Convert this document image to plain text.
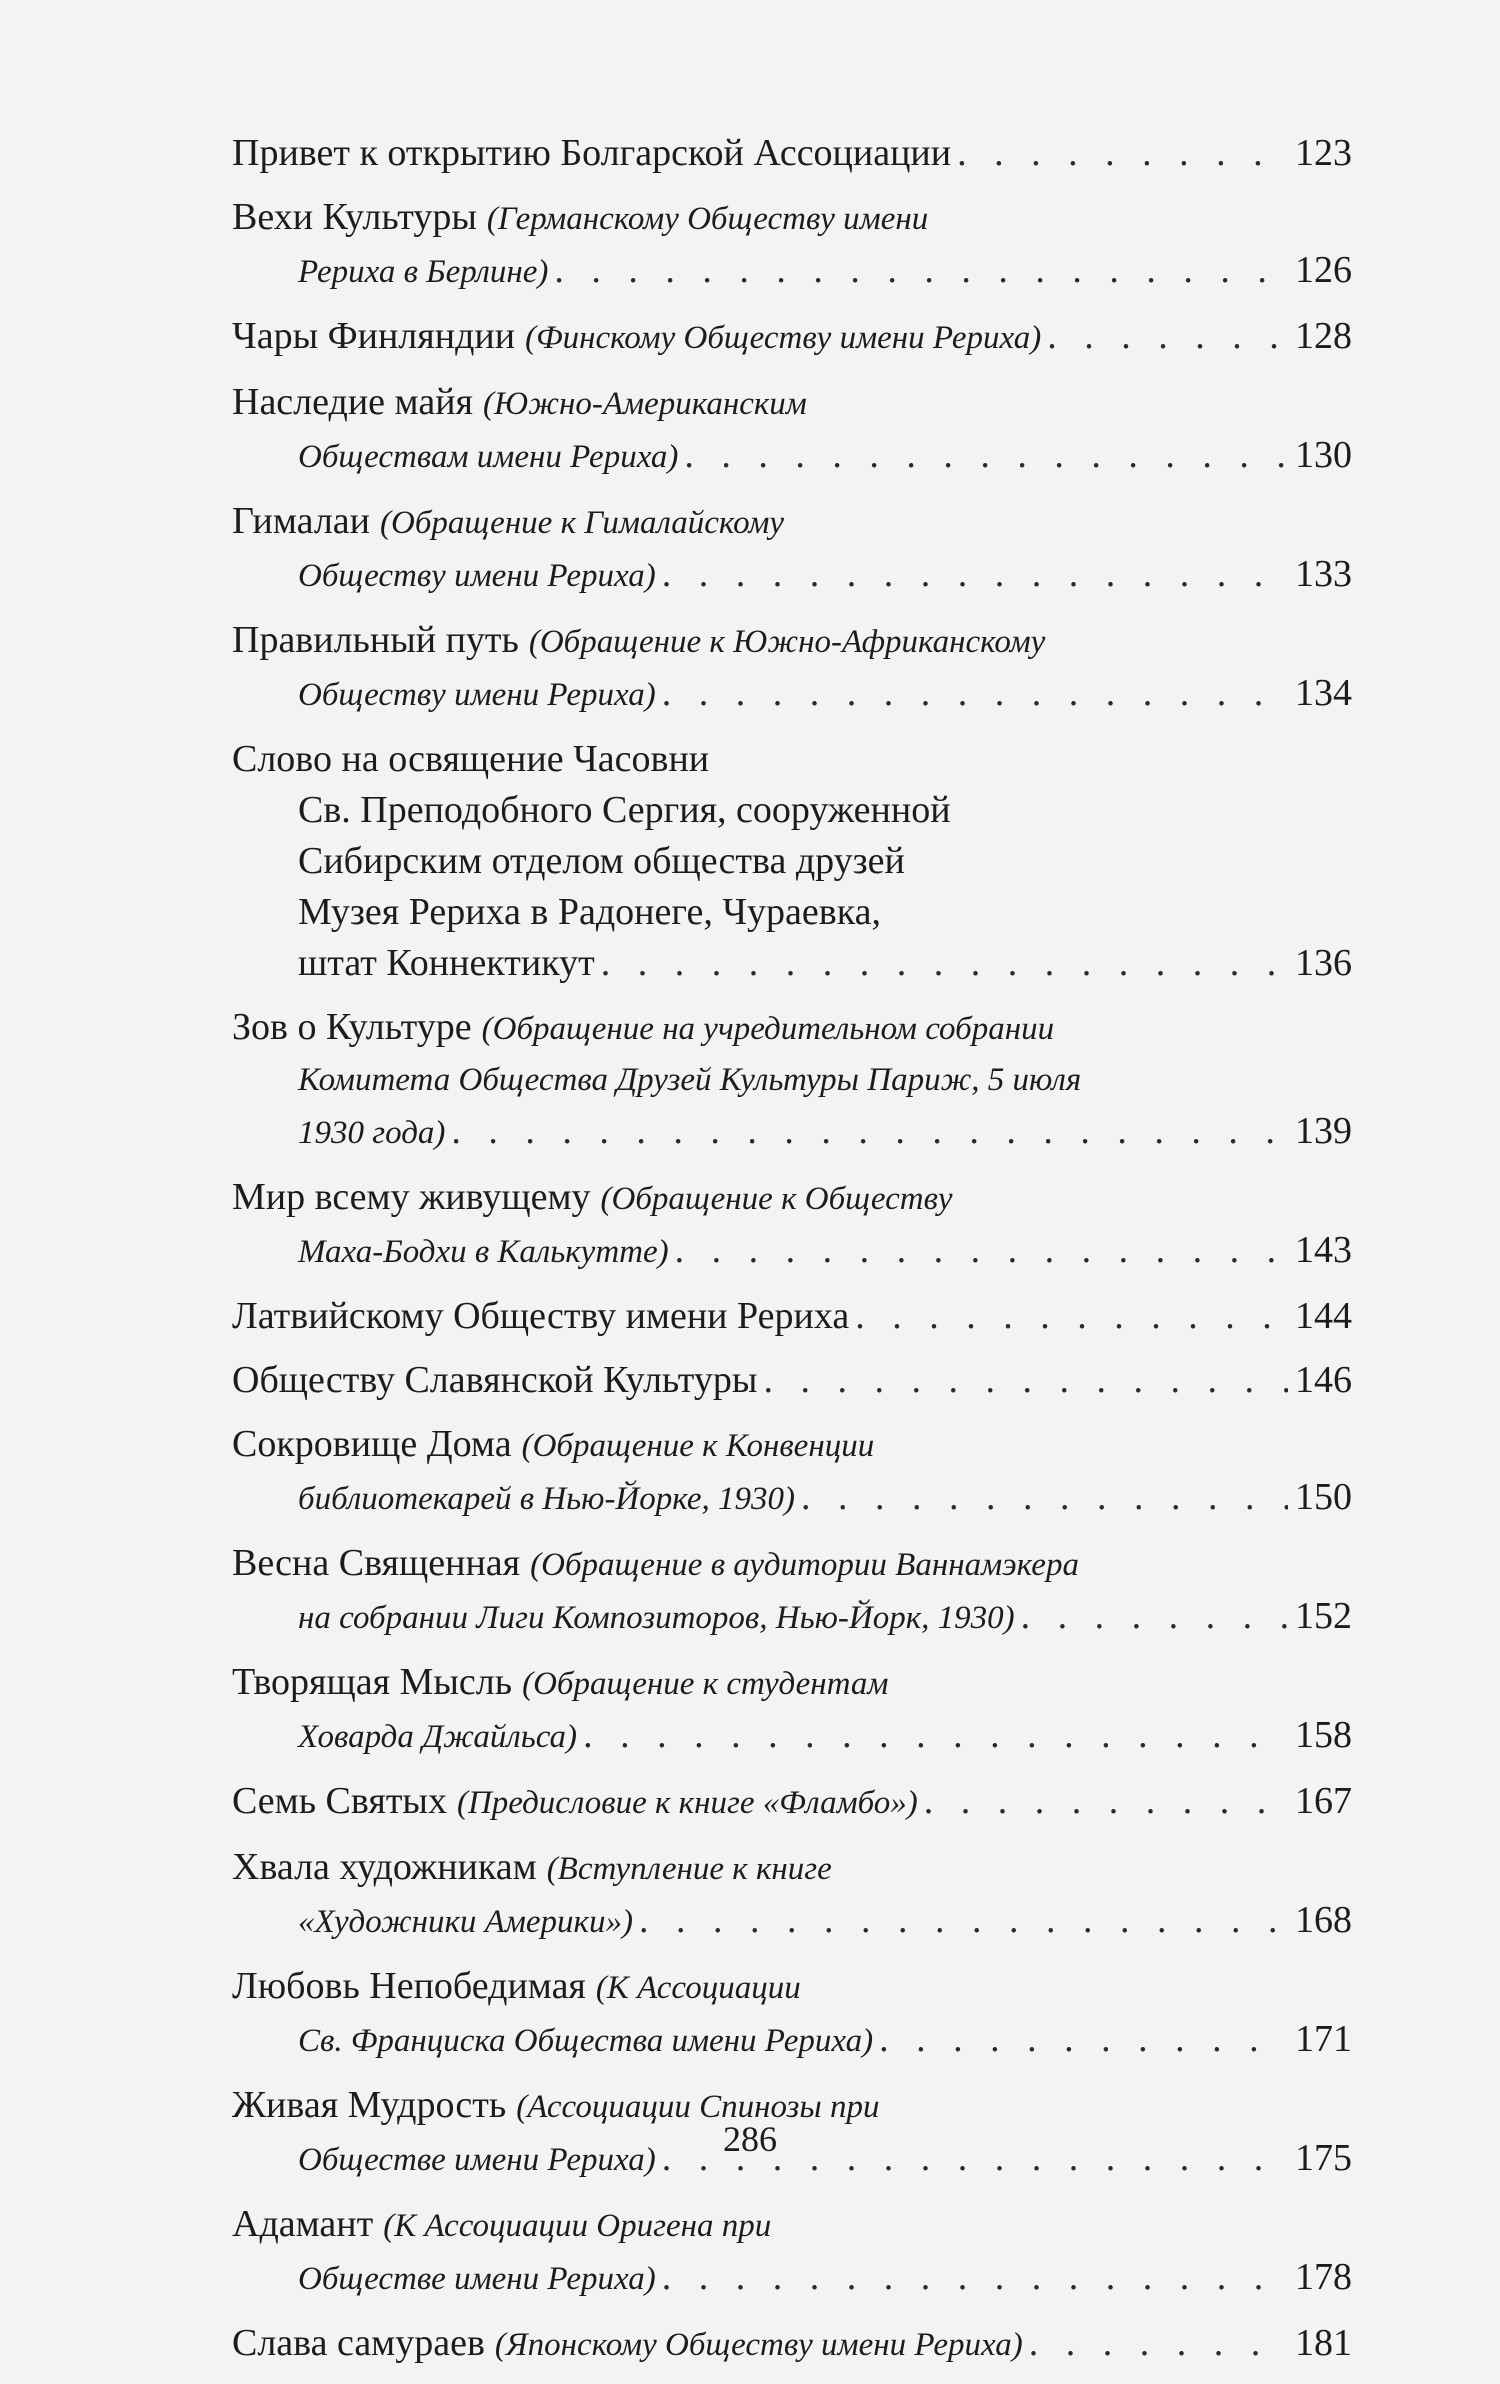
Привет к открытию Болгарской Ассоциации . . .	123
Вехи Культуры (Германскому Обществу имени
Рериха в Берлине) . . .	126
Чары Финляндии (Финскому Обществу имени Рериха) . . .	128
Наследие майя (Южно-Американским
Обществам имени Рериха) . . .	130
Гималаи (Обращение к Гималайскому
Обществу имени Рериха) . . .	133
Правильный путь (Обращение к Южно-Африканскому
Обществу имени Рериха) . . .	134
Слово на освящение Часовни
Св. Преподобного Сергия, сооруженной
Сибирским отделом общества друзей
Музея Рериха в Радонеге, Чураевка,
штат Коннектикут . . .	136
Зов о Культуре (Обращение на учредительном собрании
Комитета Общества Друзей Культуры Париж, 5 июля
1930 года) . . .	139
Мир всему живущему (Обращение к Обществу
Маха-Бодхи в Калькутте) . . .	143
Латвийскому Обществу имени Рериха . . .	144
Обществу Славянской Культуры . . .	146
Сокровище Дома (Обращение к Конвенции
библиотекарей в Нью-Йорке, 1930) . . .	150
Весна Священная (Обращение в аудитории Ваннамэкера
на собрании Лиги Композиторов, Нью-Йорк, 1930) . . .	152
Творящая Мысль (Обращение к студентам
Ховарда Джайльса) . . .	158
Семь Святых (Предисловие к книге «Фламбо») . . .	167
Хвала художникам (Вступление к книге
«Художники Америки») . . .	168
Любовь Непобедимая (К Ассоциации
Св. Франциска Общества имени Рериха) . . .	171
Живая Мудрость (Ассоциации Спинозы при
Обществе имени Рериха) . . .	175
Адамант (К Ассоциации Оригена при
Обществе имени Рериха) . . .	178
Слава самураев (Японскому Обществу имени Рериха) . . .	181
286
